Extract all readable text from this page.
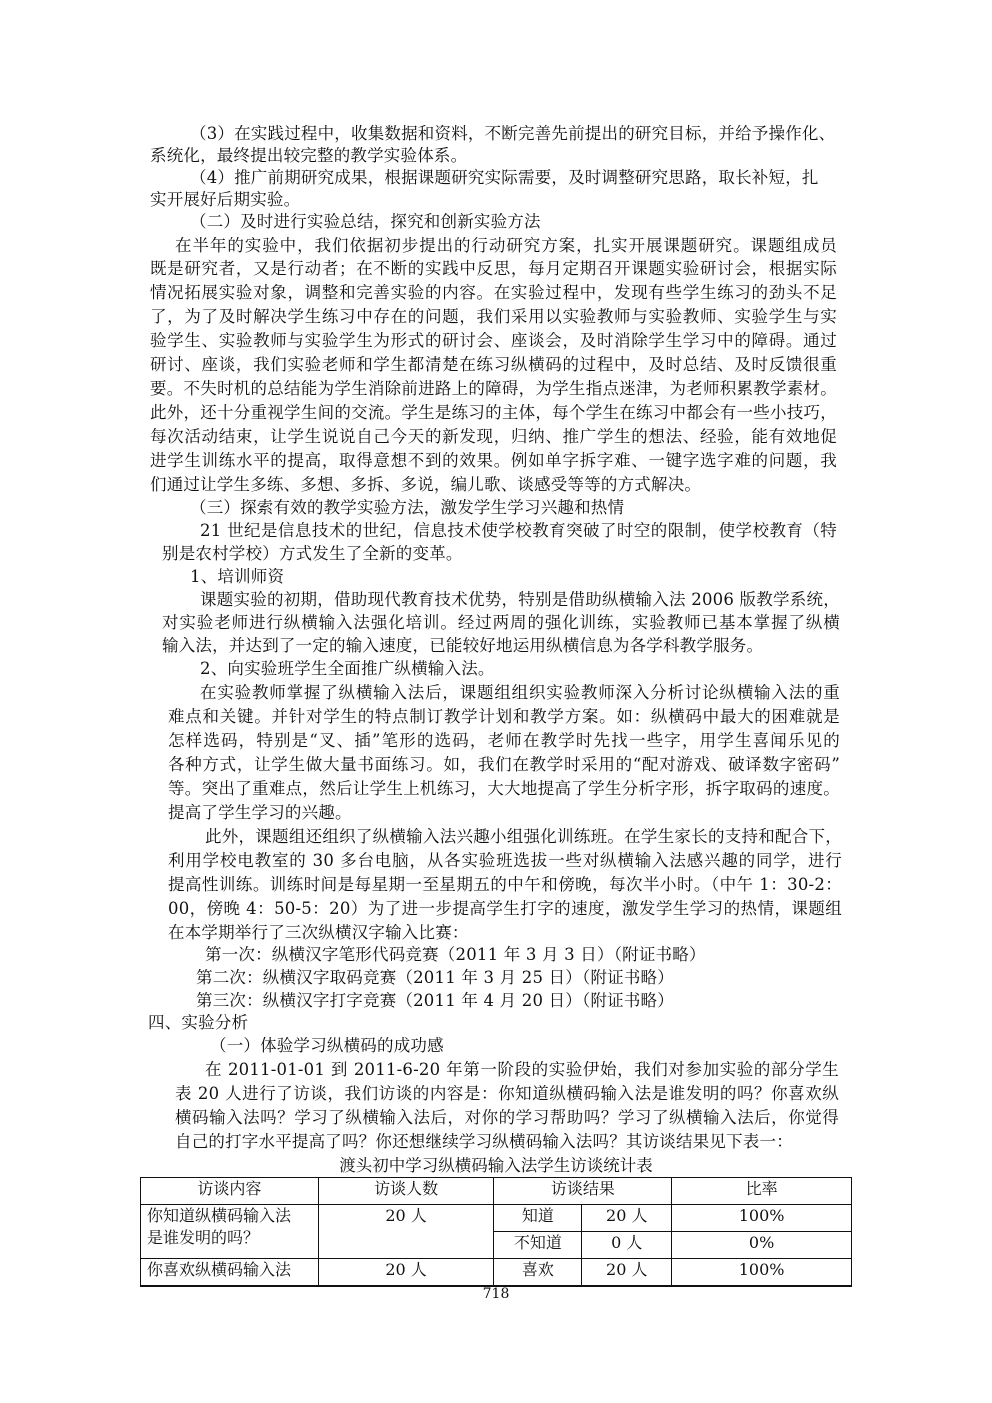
（3）在实践过程中，收集数据和资料，不断完善先前提出的研究目标，并给予操作化、
系统化，最终提出较完整的教学实验体系。
（4）推广前期研究成果，根据课题研究实际需要，及时调整研究思路，取长补短，扎
实开展好后期实验。
（二）及时进行实验总结，探究和创新实验方法
在半年的实验中，我们依据初步提出的行动研究方案，扎实开展课题研究。课题组成员
既是研究者，又是行动者；在不断的实践中反思，每月定期召开课题实验研讨会，根据实际
情况拓展实验对象，调整和完善实验的内容。在实验过程中，发现有些学生练习的劲头不足
了，为了及时解决学生练习中存在的问题，我们采用以实验教师与实验教师、实验学生与实
验学生、实验教师与实验学生为形式的研讨会、座谈会，及时消除学生学习中的障碍。通过
研讨、座谈，我们实验老师和学生都清楚在练习纵横码的过程中，及时总结、及时反馈很重
要。不失时机的总结能为学生消除前进路上的障碍，为学生指点迷津，为老师积累教学素材。
此外，还十分重视学生间的交流。学生是练习的主体，每个学生在练习中都会有一些小技巧，
每次活动结束，让学生说说自己今天的新发现，归纳、推广学生的想法、经验，能有效地促
进学生训练水平的提高，取得意想不到的效果。例如单字拆字难、一键字选字难的问题，我
们通过让学生多练、多想、多拆、多说，编儿歌、谈感受等等的方式解决。
（三）探索有效的教学实验方法，激发学生学习兴趣和热情
21 世纪是信息技术的世纪，信息技术使学校教育突破了时空的限制，使学校教育（特
别是农村学校）方式发生了全新的变革。
1、培训师资
课题实验的初期，借助现代教育技术优势，特别是借助纵横输入法 2006 版教学系统，
对实验老师进行纵横输入法强化培训。经过两周的强化训练，实验教师已基本掌握了纵横
输入法，并达到了一定的输入速度，已能较好地运用纵横信息为各学科教学服务。
2、向实验班学生全面推广纵横输入法。
在实验教师掌握了纵横输入法后，课题组组织实验教师深入分析讨论纵横输入法的重
难点和关键。并针对学生的特点制订教学计划和教学方案。如：纵横码中最大的困难就是
怎样选码，特别是“叉、插”笔形的选码，老师在教学时先找一些字，用学生喜闻乐见的
各种方式，让学生做大量书面练习。如，我们在教学时采用的“配对游戏、破译数字密码”
等。突出了重难点，然后让学生上机练习，大大地提高了学生分析字形，拆字取码的速度。
提高了学生学习的兴趣。
此外，课题组还组织了纵横输入法兴趣小组强化训练班。在学生家长的支持和配合下，
利用学校电教室的 30 多台电脑，从各实验班选拔一些对纵横输入法感兴趣的同学，进行
提高性训练。训练时间是每星期一至星期五的中午和傍晚，每次半小时。（中午 1：30-2：
00，傍晚 4：50-5：20）为了进一步提高学生打字的速度，激发学生学习的热情，课题组
在本学期举行了三次纵横汉字输入比赛：
第一次：纵横汉字笔形代码竞赛（2011 年 3 月 3 日）（附证书略）
第二次：纵横汉字取码竞赛（2011 年 3 月 25 日）（附证书略）
第三次：纵横汉字打字竞赛（2011 年 4 月 20 日）（附证书略）
四、实验分析
（一）体验学习纵横码的成功感
在 2011-01-01 到 2011-6-20 年第一阶段的实验伊始，我们对参加实验的部分学生
表 20 人进行了访谈，我们访谈的内容是：你知道纵横码输入法是谁发明的吗？你喜欢纵
横码输入法吗？学习了纵横输入法后，对你的学习帮助吗？学习了纵横输入法后，你觉得
自己的打字水平提高了吗？你还想继续学习纵横码输入法吗？其访谈结果见下表一：
渡头初中学习纵横码输入法学生访谈统计表
访谈内容	访谈人数	访谈结果		比率

你知道纵横码输入法
是谁发明的吗？	20 人	知道	20 人	100%
		不知道	0 人	0%
你喜欢纵横码输入法	20 人	喜欢	20 人	100%
718
